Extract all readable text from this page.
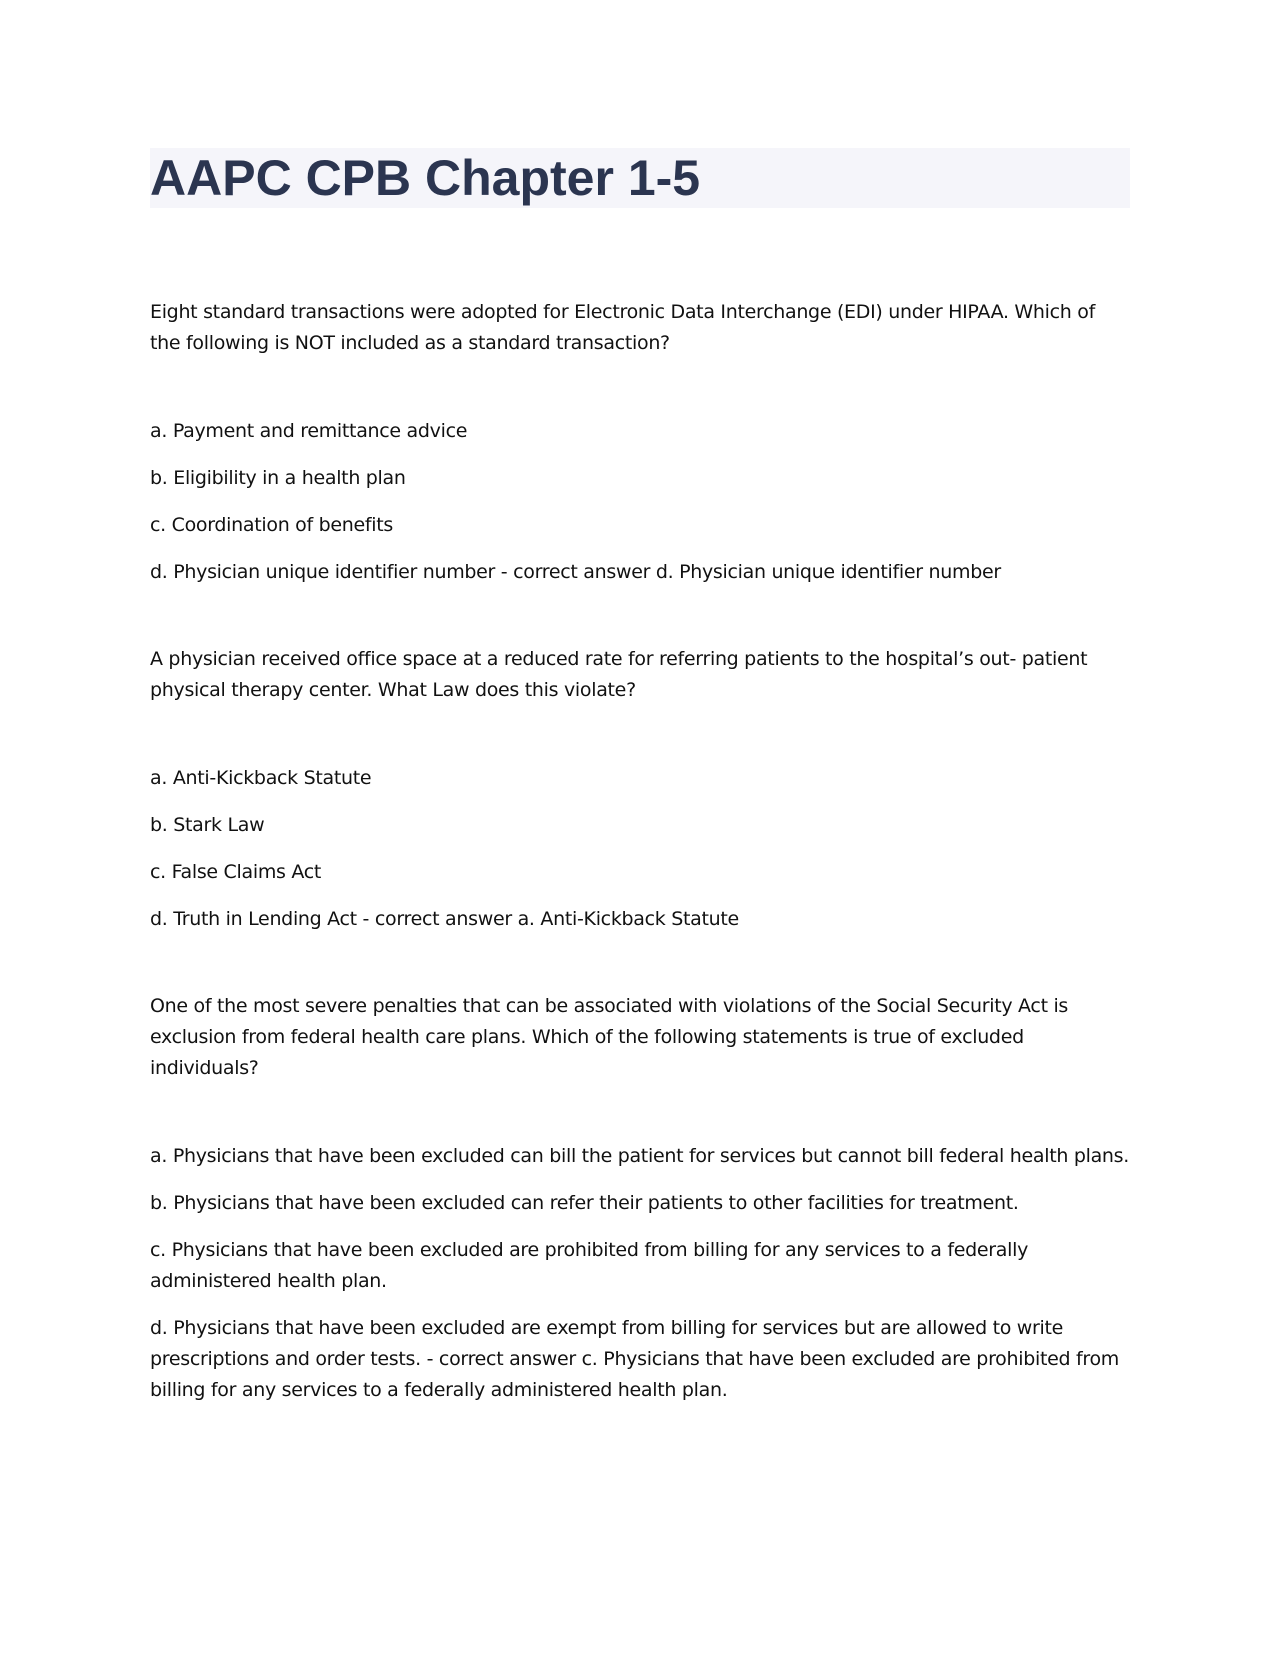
AAPC CPB Chapter 1-5

Eight standard transactions were adopted for Electronic Data Interchange (EDI) under HIPAA. Which of the following is NOT included as a standard transaction?

a. Payment and remittance advice
b. Eligibility in a health plan
c. Coordination of benefits
d. Physician unique identifier number - correct answer d. Physician unique identifier number

A physician received office space at a reduced rate for referring patients to the hospital’s out- patient physical therapy center. What Law does this violate?

a. Anti-Kickback Statute
b. Stark Law
c. False Claims Act
d. Truth in Lending Act - correct answer a. Anti-Kickback Statute

One of the most severe penalties that can be associated with violations of the Social Security Act is exclusion from federal health care plans. Which of the following statements is true of excluded individuals?

a. Physicians that have been excluded can bill the patient for services but cannot bill federal health plans.
b. Physicians that have been excluded can refer their patients to other facilities for treatment.
c. Physicians that have been excluded are prohibited from billing for any services to a federally administered health plan.
d. Physicians that have been excluded are exempt from billing for services but are allowed to write prescriptions and order tests. - correct answer c. Physicians that have been excluded are prohibited from billing for any services to a federally administered health plan.
